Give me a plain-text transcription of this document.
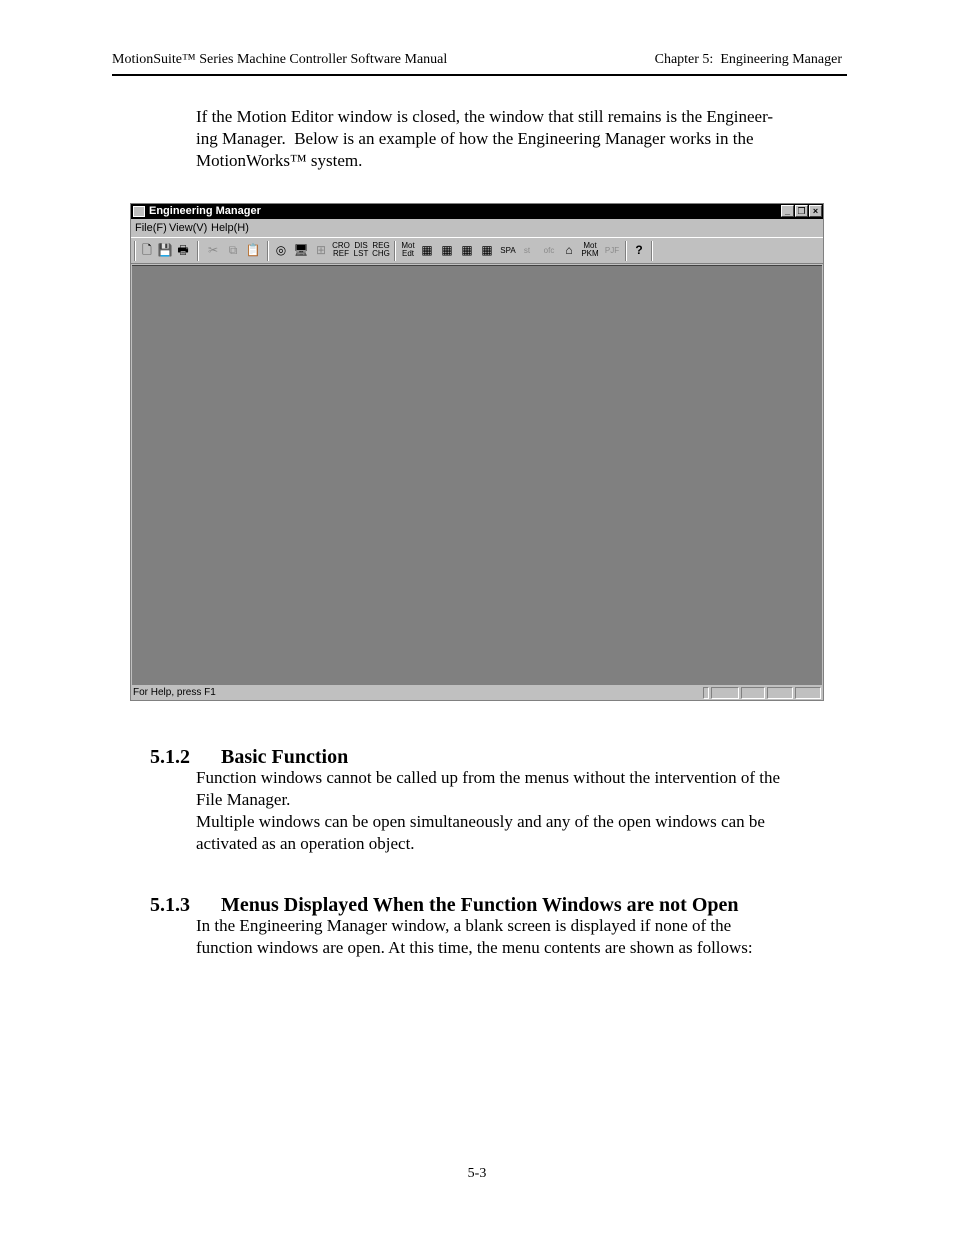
MotionSuite™ Series Machine Controller Software Manual	Chapter 5:  Engineering Manager
If the Motion Editor window is closed, the window that still remains is the Engineer-
ing Manager.  Below is an example of how the Engineering Manager works in the
MotionWorks™ system.
Engineering Manager	_ ❐ ×
File(F) View(V) Help(H)
🗋 💾 🖶 ✂ ⧉ 📋 ◎ 🖥 ⊞ CRO
REF
DIS
LST
REG
CHG
Mot
Edt ▦ ▦ ▦ ▦ SPA	st	ofc ⌂	Mot
PKM PJF	?
For Help, press F1

5.1.2 Basic Function

Function windows cannot be called up from the menus without the intervention of the
File Manager.
Multiple windows can be open simultaneously and any of the open windows can be
activated as an operation object.

5.1.3 Menus Displayed When the Function Windows are not Open

In the Engineering Manager window, a blank screen is displayed if none of the
function windows are open. At this time, the menu contents are shown as follows:
5-3
